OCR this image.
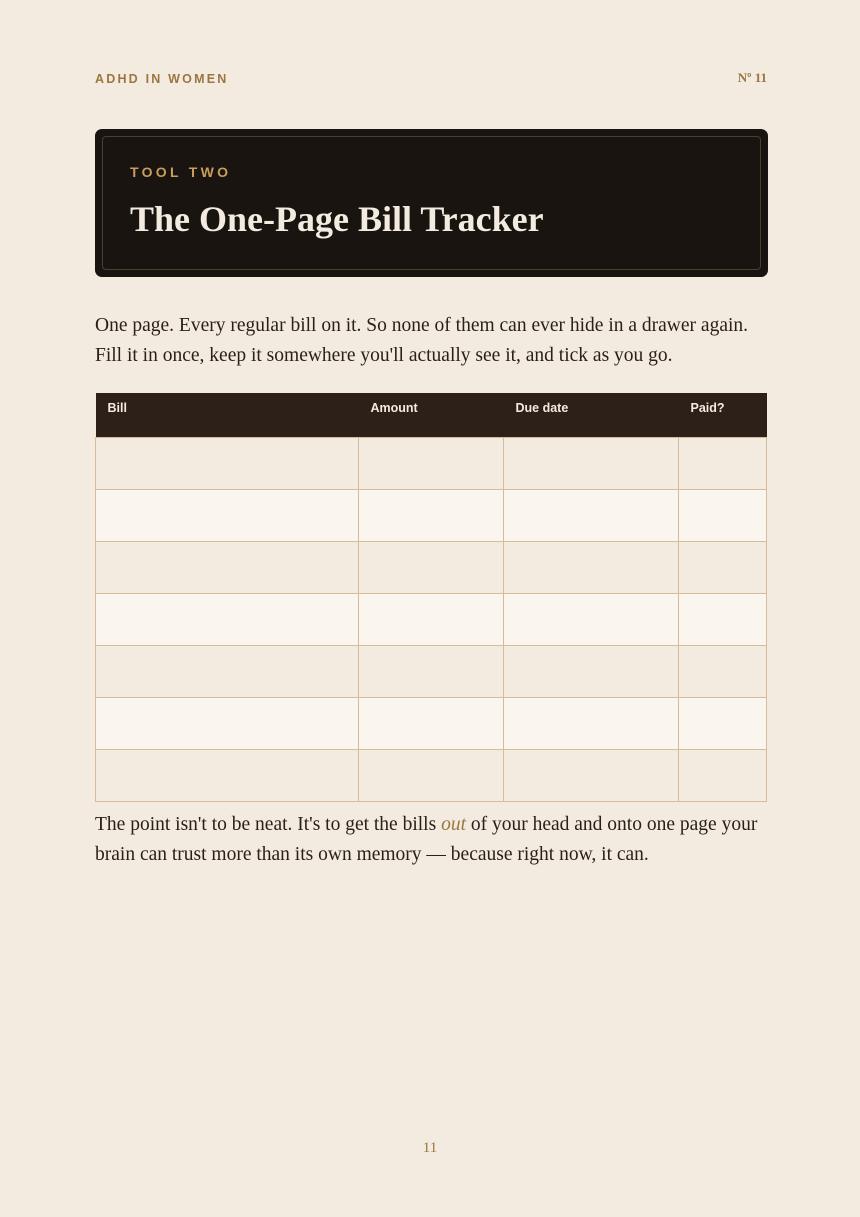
ADHD IN WOMEN	Nº 11
TOOL TWO
The One-Page Bill Tracker

One page. Every regular bill on it. So none of them can ever hide in a drawer again.
Fill it in once, keep it somewhere you'll actually see it, and tick as you go.

Bill	Amount	Due date	Paid?

The point isn't to be neat. It's to get the bills out of your head and onto one page your brain can trust more than its own memory — because right now, it can.

11
